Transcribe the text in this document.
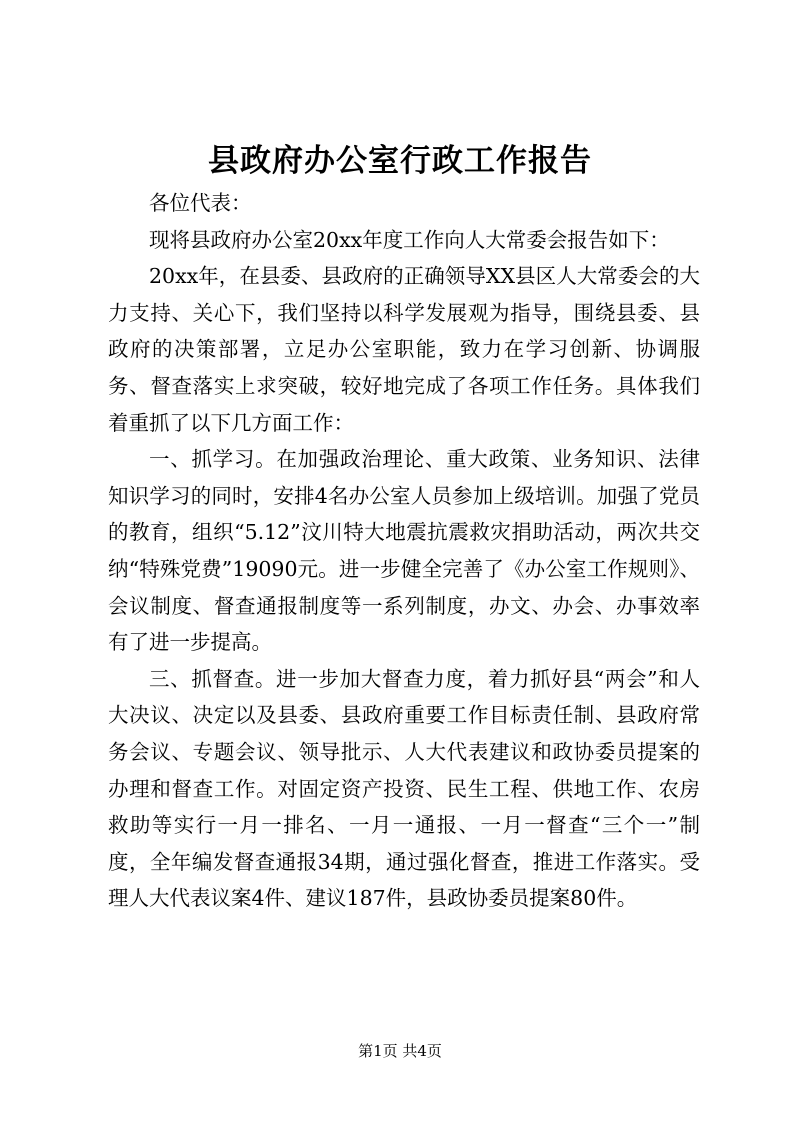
县政府办公室行政工作报告

各位代表：

现将县政府办公室20xx年度工作向人大常委会报告如下：

20xx年，在县委、县政府的正确领导XX县区人大常委会的大力支持、关心下，我们坚持以科学发展观为指导，围绕县委、县政府的决策部署，立足办公室职能，致力在学习创新、协调服务、督查落实上求突破，较好地完成了各项工作任务。具体我们着重抓了以下几方面工作：

一、抓学习。在加强政治理论、重大政策、业务知识、法律知识学习的同时，安排4名办公室人员参加上级培训。加强了党员的教育，组织“5.12”汶川特大地震抗震救灾捐助活动，两次共交纳“特殊党费”19090元。进一步健全完善了《办公室工作规则》、会议制度、督查通报制度等一系列制度，办文、办会、办事效率有了进一步提高。

三、抓督查。进一步加大督查力度，着力抓好县“两会”和人大决议、决定以及县委、县政府重要工作目标责任制、县政府常务会议、专题会议、领导批示、人大代表建议和政协委员提案的办理和督查工作。对固定资产投资、民生工程、供地工作、农房救助等实行一月一排名、一月一通报、一月一督查“三个一”制度，全年编发督查通报34期，通过强化督查，推进工作落实。受理人大代表议案4件、建议187件，县政协委员提案80件。

第1页 共4页
